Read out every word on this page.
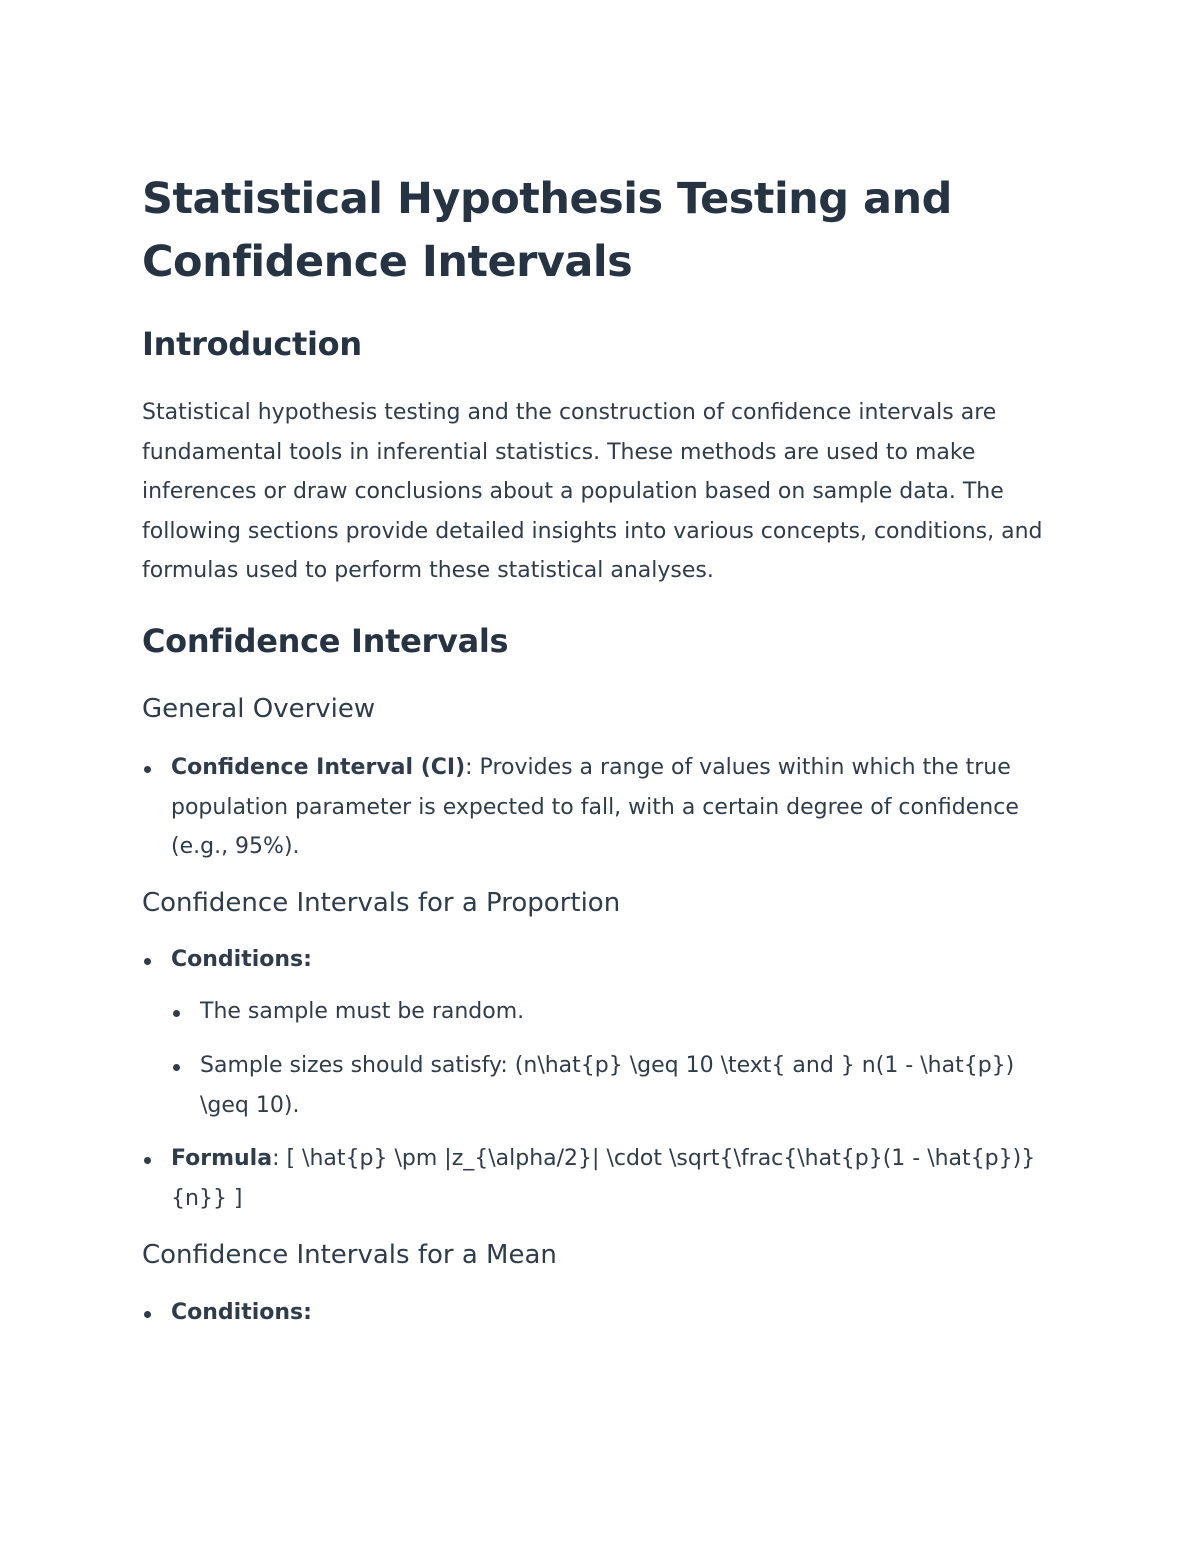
Statistical Hypothesis Testing and Confidence Intervals
Introduction

Statistical hypothesis testing and the construction of confidence intervals are fundamental tools in inferential statistics. These methods are used to make inferences or draw conclusions about a population based on sample data. The following sections provide detailed insights into various concepts, conditions, and formulas used to perform these statistical analyses.

Confidence Intervals
General Overview
Confidence Interval (CI): Provides a range of values within which the true population parameter is expected to fall, with a certain degree of confidence (e.g., 95%).
Confidence Intervals for a Proportion
Conditions:
The sample must be random.
Sample sizes should satisfy: (n\hat{p} \geq 10 \text{ and } n(1 - \hat{p}) \geq 10).
Formula: [ \hat{p} \pm |z_{\alpha/2}| \cdot \sqrt{\frac{\hat{p}(1 - \hat{p})}{n}} ]
Confidence Intervals for a Mean
Conditions:
